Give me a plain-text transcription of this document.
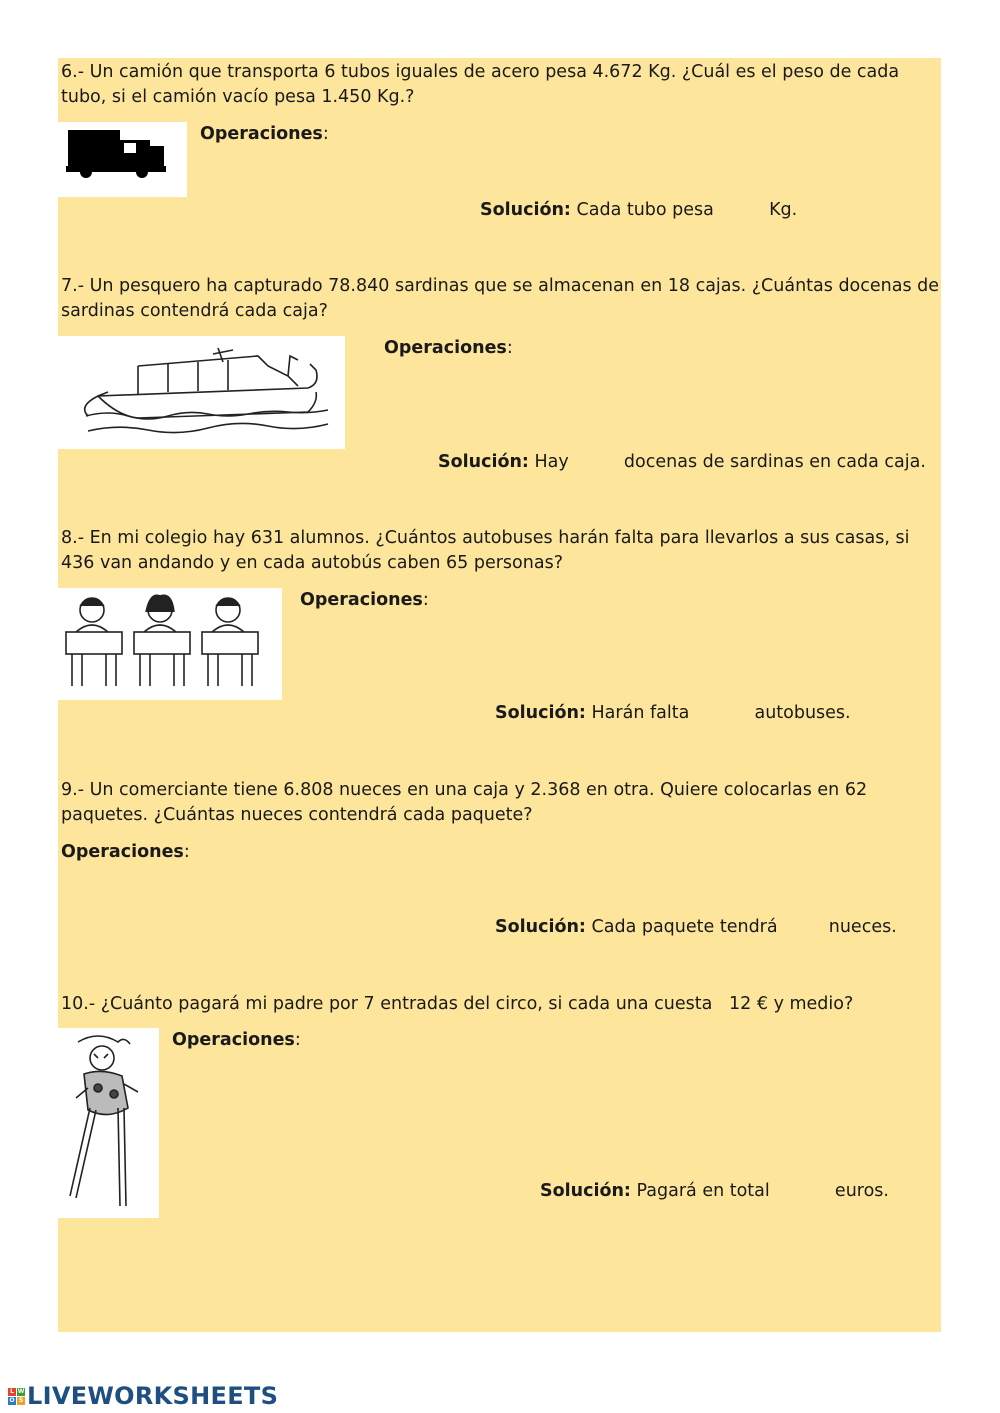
6.- Un camión que transporta 6 tubos iguales de acero pesa 4.672 Kg. ¿Cuál es el peso de cada tubo, si el camión vacío pesa 1.450 Kg.?
Operaciones:
Solución: Cada tubo pesa	Kg.
7.- Un pesquero ha capturado 78.840 sardinas que se almacenan en 18 cajas. ¿Cuántas docenas de sardinas contendrá cada caja?
Operaciones:
Solución: Hay	docenas de sardinas en cada caja.
8.- En mi colegio hay 631 alumnos. ¿Cuántos autobuses harán falta para llevarlos a sus casas, si 436 van andando y en cada autobús caben 65 personas?
Operaciones:
Solución: Harán falta	autobuses.
9.- Un comerciante tiene 6.808 nueces en una caja y 2.368 en otra. Quiere colocarlas en 62 paquetes. ¿Cuántas nueces contendrá cada paquete?
Operaciones:
Solución: Cada paquete tendrá	nueces.
10.- ¿Cuánto pagará mi padre por 7 entradas del circo, si cada una cuesta   12 € y medio?
Operaciones:
Solución: Pagará en total	euros.
L W
O S LIVEWORKSHEETS
